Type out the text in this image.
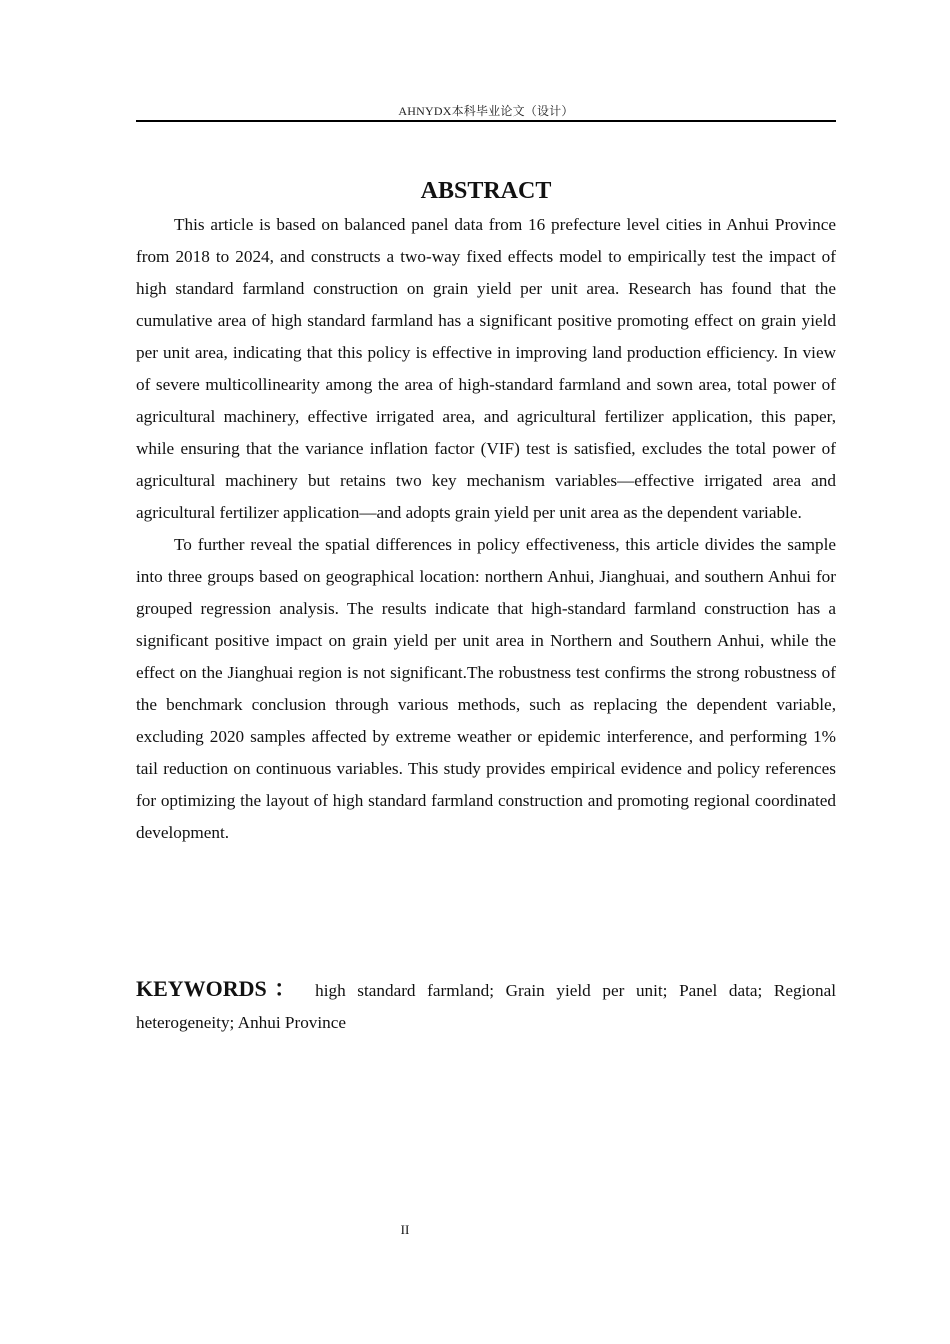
AHNYDX本科毕业论文（设计）
ABSTRACT

This article is based on balanced panel data from 16 prefecture level cities in Anhui Province from 2018 to 2024, and constructs a two-way fixed effects model to empirically test the impact of high standard farmland construction on grain yield per unit area. Research has found that the cumulative area of high standard farmland has a significant positive promoting effect on grain yield per unit area, indicating that this policy is effective in improving land production efficiency. In view of severe multicollinearity among the area of high-standard farmland and sown area, total power of agricultural machinery, effective irrigated area, and agricultural fertilizer application, this paper, while ensuring that the variance inflation factor (VIF) test is satisfied, excludes the total power of agricultural machinery but retains two key mechanism variables—effective irrigated area and agricultural fertilizer application—and adopts grain yield per unit area as the dependent variable.

To further reveal the spatial differences in policy effectiveness, this article divides the sample into three groups based on geographical location: northern Anhui, Jianghuai, and southern Anhui for grouped regression analysis. The results indicate that high-standard farmland construction has a significant positive impact on grain yield per unit area in Northern and Southern Anhui, while the effect on the Jianghuai region is not significant.The robustness test confirms the strong robustness of the benchmark conclusion through various methods, such as replacing the dependent variable, excluding 2020 samples affected by extreme weather or epidemic interference, and performing 1% tail reduction on continuous variables. This study provides empirical evidence and policy references for optimizing the layout of high standard farmland construction and promoting regional coordinated development.

KEYWORDS： high standard farmland; Grain yield per unit; Panel data; Regional heterogeneity; Anhui Province

II
